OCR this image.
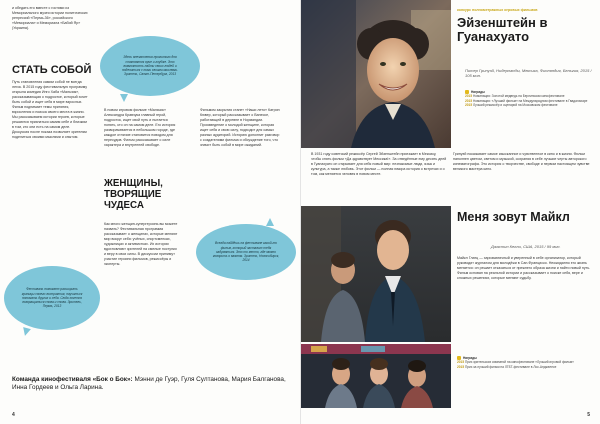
и обедать его вместе с гостями из Мемориального музея истории политических репрессий «Пермь-36», российского «Мемориала» и Мемориала «Бабий Яр» (Украина).
СТАТЬ СОБОЙ
Путь становления самим собой не всегда легок. В 2015 году фестивальную программу открыла комедия Инго Хаба «Мальчик», рассказывающая о подростке, который хочет быть собой и ищет себя в мире взрослых. Фильм поднимает темы принятия, взросления и поиска своего места в жизни. Мы рассказываем истории героев, которые решаются признаться самим себе и близким в том, кто они есть на самом деле. Дискуссия после показа позволяет зрителям поделиться своими мыслями и опытом.
Фестиваль помогает расширить границы своего восприятия, научиться понимать других и себя. Сюда хочется возвращаться снова и снова. Зритель, Пермь, 2013
Здесь впечатления прожитого дня становятся ярче и глубже. Это возможность найти своих людей и поделиться с ними своими мыслями. Зритель, Санкт-Петербург, 2013
В новом игровом фильме «Мальчик» Александра Кравчука главный герой, подросток, ищет свой путь и пытается понять, кто он на самом деле. Его история разворачивается в небольшом городе, где каждое отличие становится поводом для пересудов. Фильм рассказывает о силе характера и внутренней свободе.
ЖЕНЩИНЫ, ТВОРЯЩИЕ ЧУДЕСА
Как много женщин-супергероинь вы можете назвать? Фестивальная программа рассказывает о женщинах, которые меняют мир вокруг себя: учёных, спортсменках, художницах и активистках. Их истории вдохновляют зрителей на смелые поступки и веру в свои силы. В дискуссии принимут участие героини фильмов, режиссёры и эксперты.
Фильмом закрытия станет «Наши лето» Катрин Кювер, который рассказывает о Ванессе, работающей в деревне в Нормандии. Произведение о молодой женщине, которая ищет себя и свою силу, подходит для самых разных аудиторий. Историю дополнит разговор с создателями фильма и обсуждение того, что значит быть собой в мире ожиданий.
Всегда найдёшь на фестивале какой-то фильм, который заставит тебя задуматься. Это то место, где можно говорить о важном. Зритель, Новосибирск, 2014
Команда кинофестиваля «Бок о Бок»: Мэнни де Гуэр, Гуля Султанова, Мария Балганова, Инна Гордеев и Ольга Ларина.
4
конкурс полнометражных игровых фильмов
Эйзенштейн в Гуанахуато
Питер Гринуэй, Нидерланды, Мексика, Финляндия, Бельгия, 2015 / 105 мин.
Награды
2015 Номинация: Золотой медведь на Берлинском кинофестивале
2015 Номинация: «Лучший фильм» на Международном фестивале в Гвадалахаре
2015 Лучший режиссёр и сценарий на Московском фестивале
В 1931 году советский режиссёр Сергей Эйзенштейн приезжает в Мексику, чтобы снять фильм «Да здравствует Мексика!». За отведённые ему десять дней в Гуанахуато он открывает для себя новый мир: незнакомые люди, язык и культура, а также любовь. Этот фильм — полная юмора история о встречах и о том, как меняется человек в новом месте.
Гринуэй показывает самое изысканное и чувственное в кино и в жизни. Фильм наполнен цветом, светом и музыкой, сохраняя в себе лучшие черты авторского кинематографа. Это история о творчестве, свободе и первом настоящем чувстве великого мастера кино.
Меня зовут Майкл
Джастин Келли, США, 2015 / 99 мин.
Майкл Глатц — харизматичный и уверенный в себе организатор, который руководит журналом для молодёжи в Сан-Франциско. Неожиданно его жизнь меняется: он решает отказаться от прежнего образа жизни и найти новый путь. Фильм основан на реальной истории и рассказывает о поиске себя, вере и сложных решениях, которые меняют судьбу.
Награды
2015 Приз зрительских симпатий на кинофестивале «Лучший игровой фильм»
2015 Приз за лучший фильм на ЛГБТ-фестивале в Лос-Анджелесе
5
